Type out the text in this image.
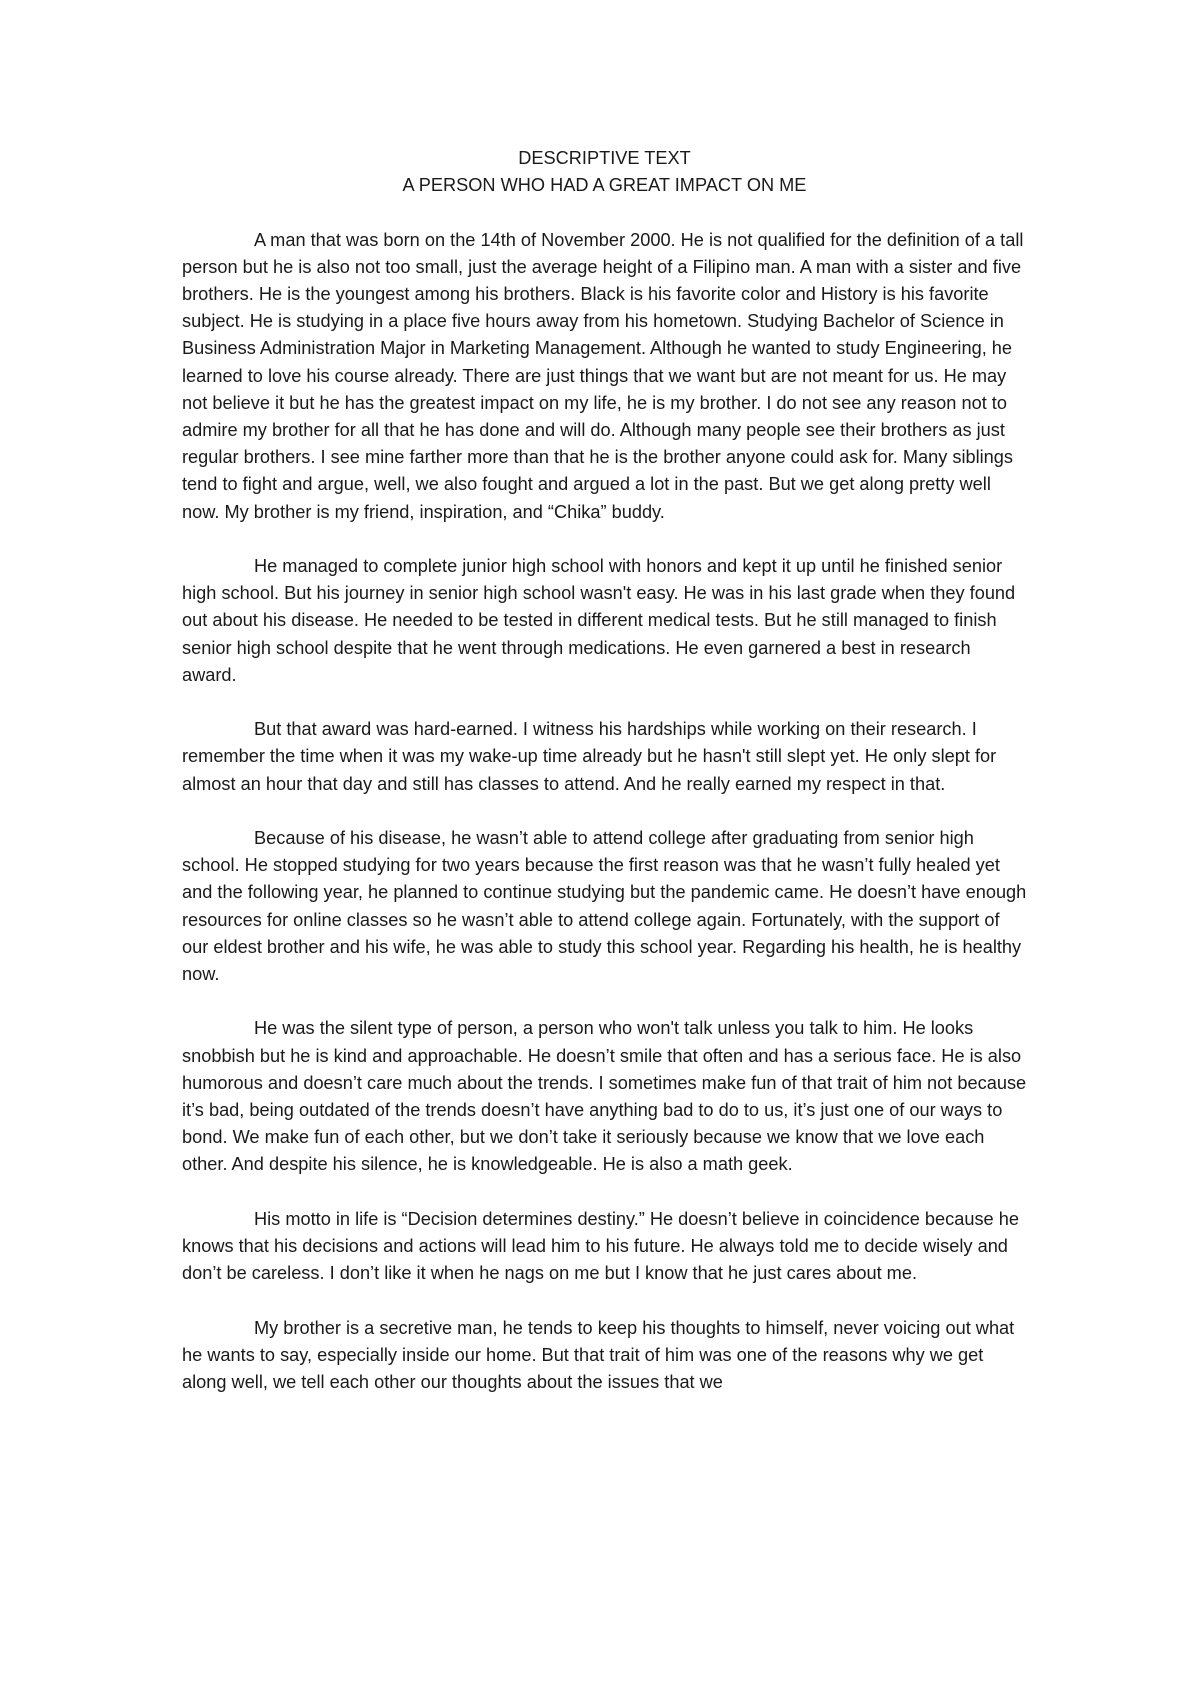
DESCRIPTIVE TEXT

A PERSON WHO HAD A GREAT IMPACT ON ME

A man that was born on the 14th of November 2000. He is not qualified for the definition of a tall person but he is also not too small, just the average height of a Filipino man. A man with a sister and five brothers. He is the youngest among his brothers. Black is his favorite color and History is his favorite subject. He is studying in a place five hours away from his hometown. Studying Bachelor of Science in Business Administration Major in Marketing Management. Although he wanted to study Engineering, he learned to love his course already. There are just things that we want but are not meant for us. He may not believe it but he has the greatest impact on my life, he is my brother. I do not see any reason not to admire my brother for all that he has done and will do. Although many people see their brothers as just regular brothers. I see mine farther more than that he is the brother anyone could ask for. Many siblings tend to fight and argue, well, we also fought and argued a lot in the past. But we get along pretty well now. My brother is my friend, inspiration, and “Chika” buddy.

He managed to complete junior high school with honors and kept it up until he finished senior high school. But his journey in senior high school wasn't easy. He was in his last grade when they found out about his disease. He needed to be tested in different medical tests. But he still managed to finish senior high school despite that he went through medications. He even garnered a best in research award.

But that award was hard-earned. I witness his hardships while working on their research. I remember the time when it was my wake-up time already but he hasn't still slept yet. He only slept for almost an hour that day and still has classes to attend. And he really earned my respect in that.

Because of his disease, he wasn’t able to attend college after graduating from senior high school. He stopped studying for two years because the first reason was that he wasn’t fully healed yet and the following year, he planned to continue studying but the pandemic came. He doesn’t have enough resources for online classes so he wasn’t able to attend college again. Fortunately, with the support of our eldest brother and his wife, he was able to study this school year. Regarding his health, he is healthy now.

He was the silent type of person, a person who won't talk unless you talk to him. He looks snobbish but he is kind and approachable. He doesn’t smile that often and has a serious face. He is also humorous and doesn’t care much about the trends. I sometimes make fun of that trait of him not because it’s bad, being outdated of the trends doesn’t have anything bad to do to us, it’s just one of our ways to bond. We make fun of each other, but we don’t take it seriously because we know that we love each other. And despite his silence, he is knowledgeable. He is also a math geek.

His motto in life is “Decision determines destiny.” He doesn’t believe in coincidence because he knows that his decisions and actions will lead him to his future. He always told me to decide wisely and don’t be careless. I don’t like it when he nags on me but I know that he just cares about me.

My brother is a secretive man, he tends to keep his thoughts to himself, never voicing out what he wants to say, especially inside our home. But that trait of him was one of the reasons why we get along well, we tell each other our thoughts about the issues that we
